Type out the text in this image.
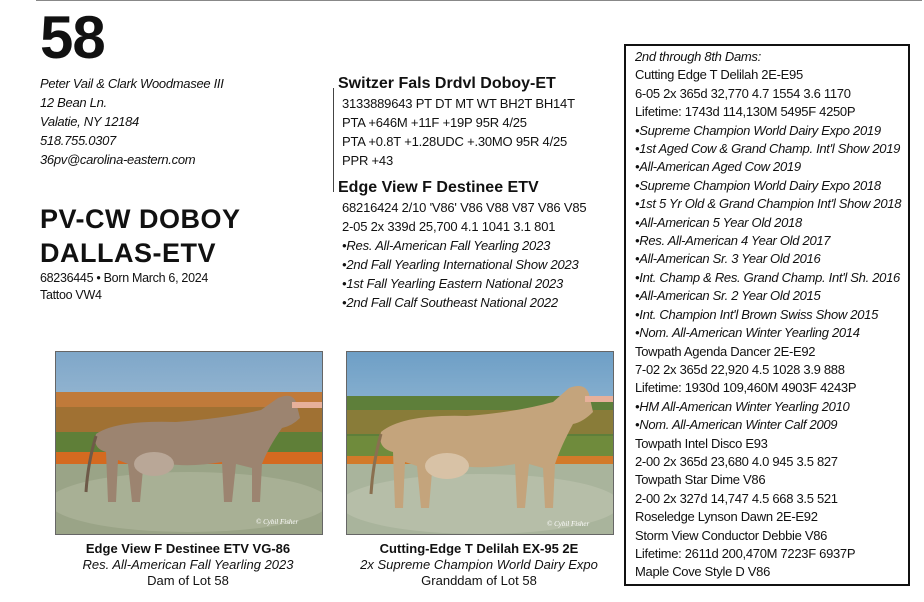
58
Peter Vail & Clark Woodmasee III
12 Bean Ln.
Valatie, NY 12184
518.755.0307
36pv@carolina-eastern.com
PV-CW DOBOY
DALLAS-ETV
68236445 • Born March 6, 2024
Tattoo VW4
Switzer Fals Drdvl Doboy-ET
3133889643 PT DT MT WT BH2T BH14T
PTA +646M +11F +19P 95R 4/25
PTA +0.8T +1.28UDC +.30MO 95R 4/25
PPR +43
Edge View F Destinee ETV
68216424 2/10 'V86' V86 V88 V87 V86 V85
2-05 2x 339d 25,700 4.1 1041 3.1 801
•Res. All-American Fall Yearling 2023
•2nd Fall Yearling International Show 2023
•1st Fall Yearling Eastern National 2023
•2nd Fall Calf Southeast National 2022
2nd through 8th Dams:
Cutting Edge T Delilah 2E-E95
6-05 2x 365d 32,770 4.7 1554 3.6 1170
Lifetime: 1743d 114,130M 5495F 4250P
•Supreme Champion World Dairy Expo 2019
•1st Aged Cow & Grand Champ. Int'l Show 2019
•All-American Aged Cow 2019
•Supreme Champion World Dairy Expo 2018
•1st 5 Yr Old & Grand Champion Int'l Show 2018
•All-American 5 Year Old 2018
•Res. All-American 4 Year Old 2017
•All-American Sr. 3 Year Old 2016
•Int. Champ & Res. Grand Champ. Int'l Sh. 2016
•All-American Sr. 2 Year Old 2015
•Int. Champion Int'l Brown Swiss Show 2015
•Nom. All-American Winter Yearling 2014
Towpath Agenda Dancer 2E-E92
7-02 2x 365d 22,920 4.5 1028 3.9 888
Lifetime: 1930d 109,460M 4903F 4243P
•HM All-American Winter Yearling 2010
•Nom. All-American Winter Calf 2009
Towpath Intel Disco E93
2-00 2x 365d 23,680 4.0 945 3.5 827
Towpath Star Dime V86
2-00 2x 327d 14,747 4.5 668 3.5 521
Roseledge Lynson Dawn 2E-E92
Storm View Conductor Debbie V86
Lifetime: 2611d 200,470M 7223F 6937P
Maple Cove Style D V86
© Cybil Fisher	© Cybil Fisher
Edge View F Destinee ETV VG-86
Res. All-American Fall Yearling 2023
Dam of Lot 58
Cutting-Edge T Delilah EX-95 2E
2x Supreme Champion World Dairy Expo
Granddam of Lot 58
